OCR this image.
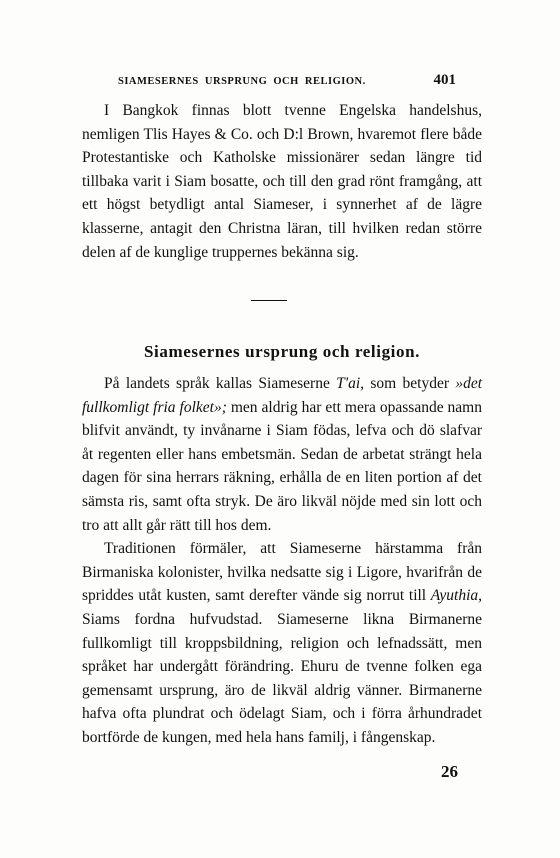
SIAMESERNES URSPRUNG OCH RELIGION.	401

I Bangkok finnas blott tvenne Engelska handelshus, nemligen Tlis Hayes & Co. och D:l Brown, hvaremot flere både Protestantiske och Katholske missionärer sedan längre tid tillbaka varit i Siam bosatte, och till den grad rönt framgång, att ett högst betydligt antal Siameser, i synnerhet af de lägre klasserne, antagit den Christna läran, till hvilken redan större delen af de kunglige truppernes bekänna sig.

Siamesernes ursprung och religion.

På landets språk kallas Siameserne T'ai, som betyder »det fullkomligt fria folket»; men aldrig har ett mera opassande namn blifvit användt, ty invånarne i Siam födas, lefva och dö slafvar åt regenten eller hans embetsmän. Sedan de arbetat strängt hela dagen för sina herrars räkning, erhålla de en liten portion af det sämsta ris, samt ofta stryk. De äro likväl nöjde med sin lott och tro att allt går rätt till hos dem.

Traditionen förmäler, att Siameserne härstamma från Birmaniska kolonister, hvilka nedsatte sig i Ligore, hvarifrån de spriddes utåt kusten, samt derefter vände sig norrut till Ayuthia, Siams fordna hufvudstad. Siameserne likna Birmanerne fullkomligt till kroppsbildning, religion och lefnadssätt, men språket har undergått förändring. Ehuru de tvenne folken ega gemensamt ursprung, äro de likväl aldrig vänner. Birmanerne hafva ofta plundrat och ödelagt Siam, och i förra århundradet bortförde de kungen, med hela hans familj, i fångenskap.

26
